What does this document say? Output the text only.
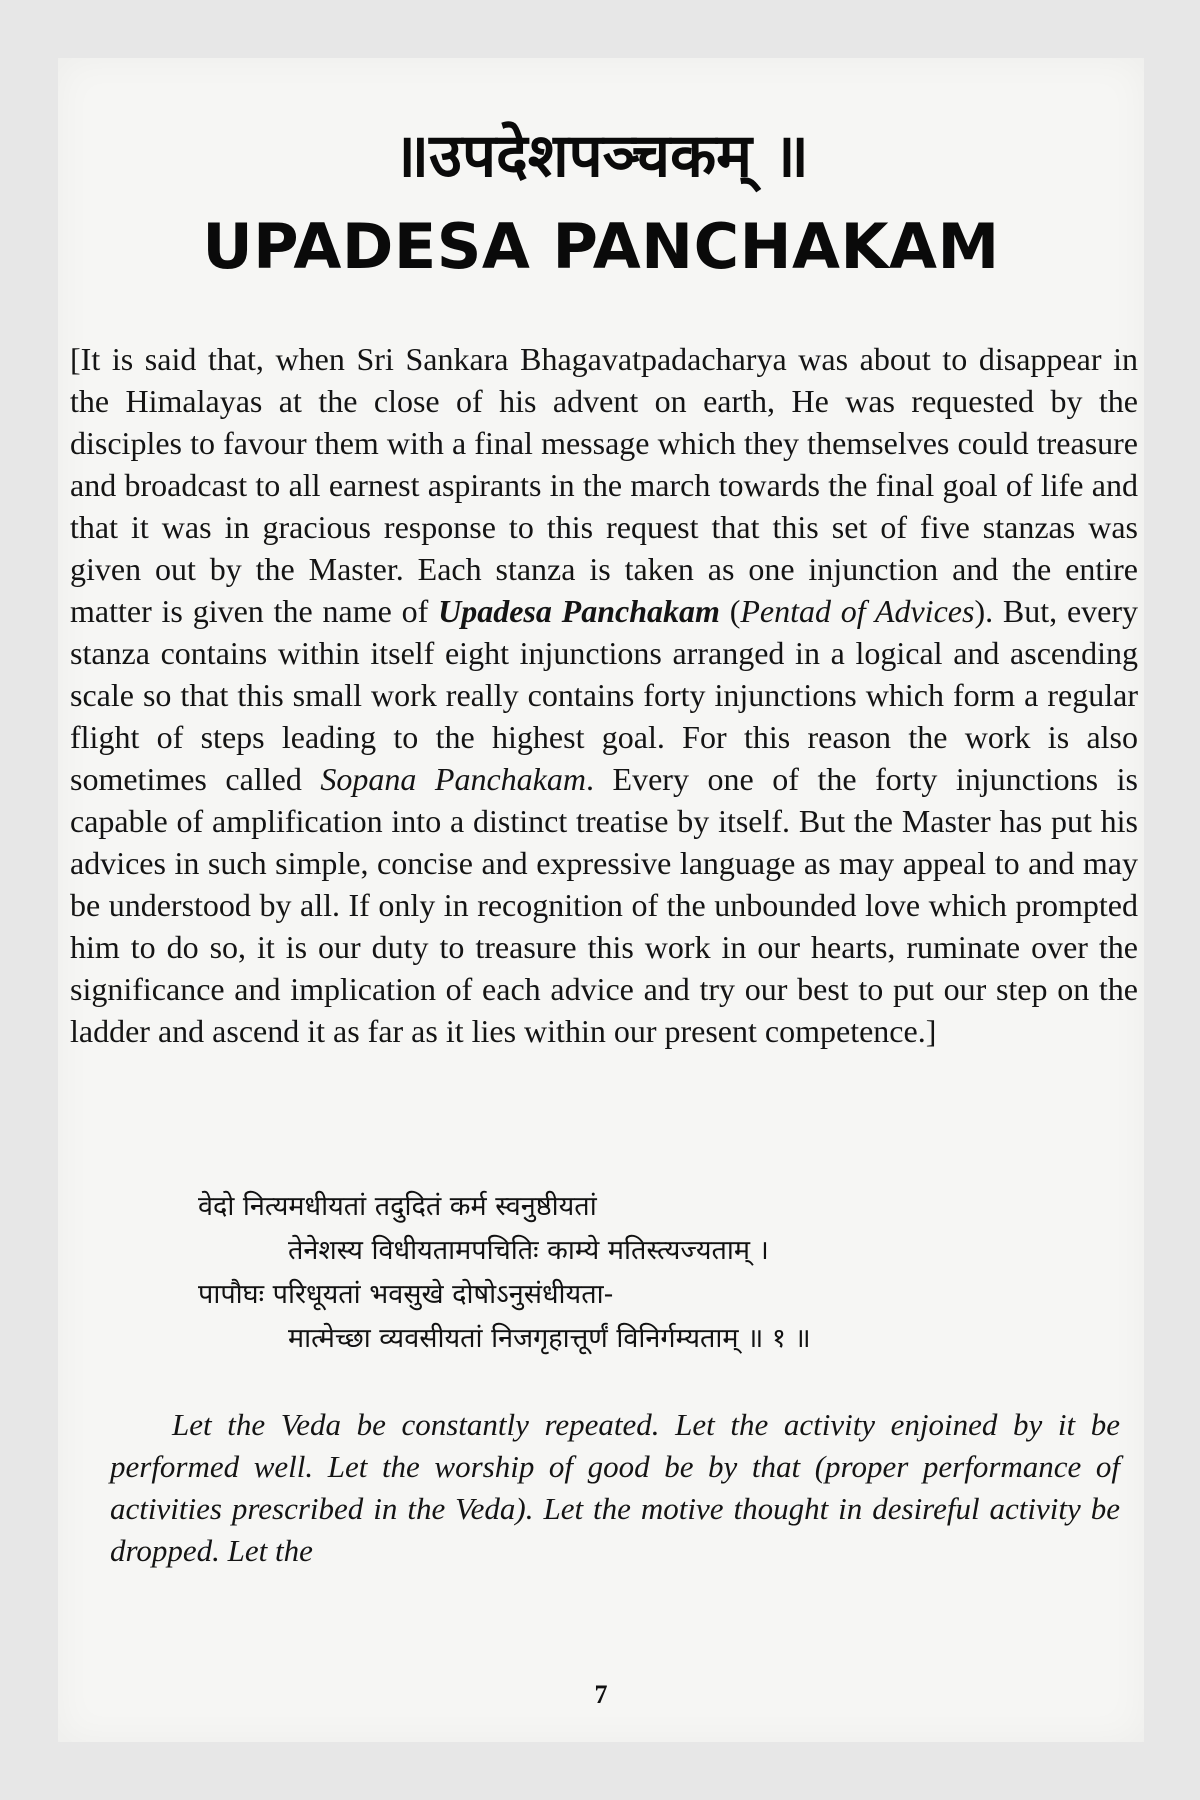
॥उपदेशपञ्चकम् ॥
UPADESA PANCHAKAM

[It is said that, when Sri Sankara Bhagavatpadacharya was about to disappear in the Himalayas at the close of his advent on earth, He was requested by the disciples to favour them with a final message which they themselves could treasure and broadcast to all earnest aspirants in the march towards the final goal of life and that it was in gracious response to this request that this set of five stanzas was given out by the Master. Each stanza is taken as one injunction and the entire matter is given the name of Upadesa Panchakam (Pentad of Advices). But, every stanza contains within itself eight injunctions arranged in a logical and ascending scale so that this small work really contains forty injunctions which form a regular flight of steps leading to the highest goal. For this reason the work is also sometimes called Sopana Panchakam. Every one of the forty injunctions is capable of amplification into a distinct treatise by itself. But the Master has put his advices in such simple, concise and expressive language as may appeal to and may be understood by all. If only in recognition of the unbounded love which prompted him to do so, it is our duty to treasure this work in our hearts, ruminate over the significance and implication of each advice and try our best to put our step on the ladder and ascend it as far as it lies within our present competence.]

वेदो नित्यमधीयतां तदुदितं कर्म स्वनुष्ठीयतां
तेनेशस्य विधीयतामपचितिः काम्ये मतिस्त्यज्यताम् ।
पापौघः परिधूयतां भवसुखे दोषोऽनुसंधीयता-
मात्मेच्छा व्यवसीयतां निजगृहात्तूर्णं विनिर्गम्यताम् ॥ १ ॥

Let the Veda be constantly repeated. Let the activity enjoined by it be performed well. Let the worship of good be by that (proper performance of activities prescribed in the Veda). Let the motive thought in desireful activity be dropped. Let the

7
